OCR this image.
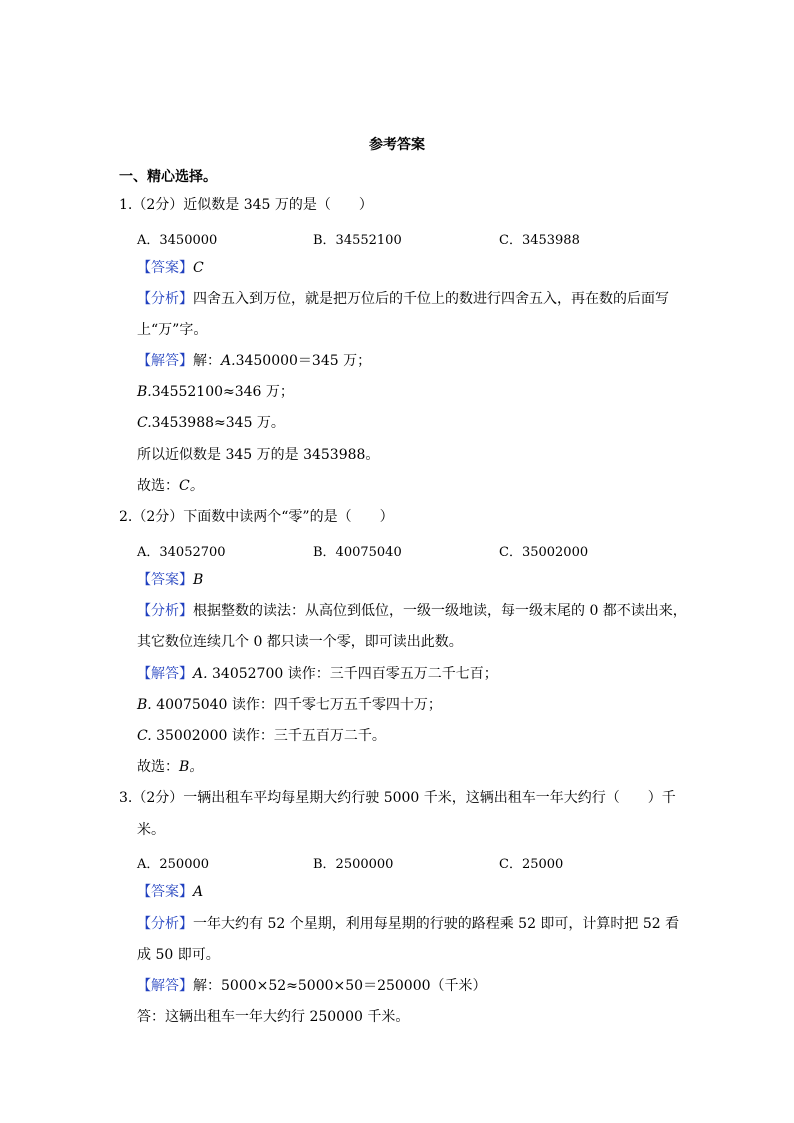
参考答案
一、精心选择。
1.（2分）近似数是 345 万的是（　　）
A．3450000	B．34552100	C．3453988
【答案】C
【分析】四舍五入到万位，就是把万位后的千位上的数进行四舍五入，再在数的后面写
上“万”字。
【解答】解：A.3450000＝345 万；
B.34552100≈346 万；
C.3453988≈345 万。
所以近似数是 345 万的是 3453988。
故选：C。
2.（2分）下面数中读两个“零”的是（　　）
A．34052700	B．40075040	C．35002000
【答案】B
【分析】根据整数的读法：从高位到低位，一级一级地读，每一级末尾的 0 都不读出来，
其它数位连续几个 0 都只读一个零，即可读出此数。
【解答】A. 34052700 读作：三千四百零五万二千七百；
B. 40075040 读作：四千零七万五千零四十万；
C. 35002000 读作：三千五百万二千。
故选：B。
3.（2分）一辆出租车平均每星期大约行驶 5000 千米，这辆出租车一年大约行（　　）千
米。
A．250000	B．2500000	C．25000
【答案】A
【分析】一年大约有 52 个星期，利用每星期的行驶的路程乘 52 即可，计算时把 52 看
成 50 即可。
【解答】解：5000×52≈5000×50＝250000（千米）
答：这辆出租车一年大约行 250000 千米。
